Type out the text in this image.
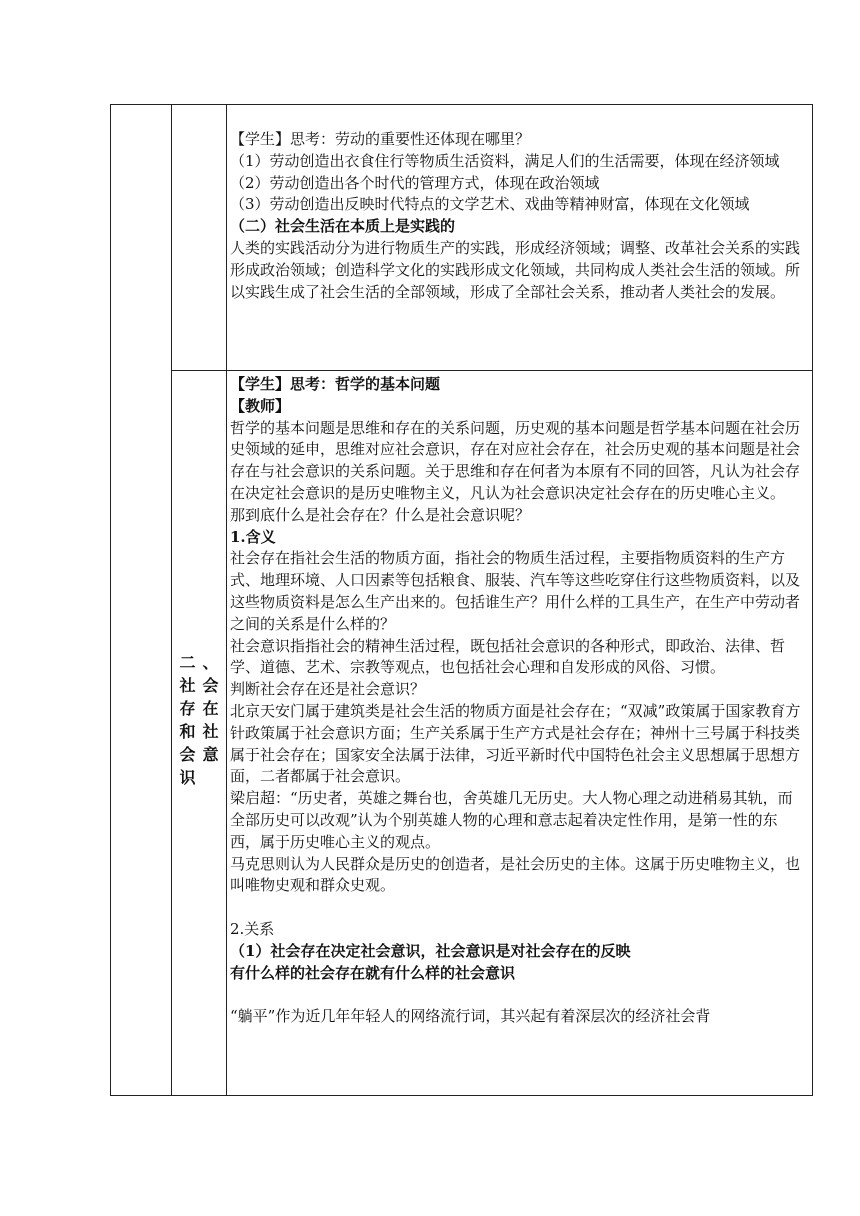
【学生】思考：劳动的重要性还体现在哪里？

（1）劳动创造出衣食住行等物质生活资料，满足人们的生活需要，体现在经济领域

（2）劳动创造出各个时代的管理方式，体现在政治领域

（3）劳动创造出反映时代特点的文学艺术、戏曲等精神财富，体现在文化领域

（二）社会生活在本质上是实践的

人类的实践活动分为进行物质生产的实践，形成经济领域；调整、改革社会关系的实践形成政治领域；创造科学文化的实践形成文化领域，共同构成人类社会生活的领域。所以实践生成了社会生活的全部领域，形成了全部社会关系，推动者人类社会的发展。

二 、
社 会
存 在
和 社
会 意
识

【学生】思考：哲学的基本问题

【教师】

哲学的基本问题是思维和存在的关系问题，历史观的基本问题是哲学基本问题在社会历史领域的延申，思维对应社会意识，存在对应社会存在，社会历史观的基本问题是社会存在与社会意识的关系问题。关于思维和存在何者为本原有不同的回答，凡认为社会存在决定社会意识的是历史唯物主义，凡认为社会意识决定社会存在的历史唯心主义。

那到底什么是社会存在？什么是社会意识呢？

1.含义

社会存在指社会生活的物质方面，指社会的物质生活过程，主要指物质资料的生产方式、地理环境、人口因素等包括粮食、服装、汽车等这些吃穿住行这些物质资料，以及这些物质资料是怎么生产出来的。包括谁生产？用什么样的工具生产，在生产中劳动者之间的关系是什么样的？

社会意识指指社会的精神生活过程，既包括社会意识的各种形式，即政治、法律、哲学、道德、艺术、宗教等观点，也包括社会心理和自发形成的风俗、习惯。

判断社会存在还是社会意识？

北京天安门属于建筑类是社会生活的物质方面是社会存在；“双减”政策属于国家教育方针政策属于社会意识方面；生产关系属于生产方式是社会存在；神州十三号属于科技类属于社会存在；国家安全法属于法律，习近平新时代中国特色社会主义思想属于思想方面，二者都属于社会意识。

梁启超：“历史者，英雄之舞台也，舍英雄几无历史。大人物心理之动进稍易其轨，而全部历史可以改观”认为个别英雄人物的心理和意志起着决定性作用，是第一性的东西，属于历史唯心主义的观点。

马克思则认为人民群众是历史的创造者，是社会历史的主体。这属于历史唯物主义，也叫唯物史观和群众史观。

2.关系

（1）社会存在决定社会意识，社会意识是对社会存在的反映

有什么样的社会存在就有什么样的社会意识

“躺平”作为近几年年轻人的网络流行词，其兴起有着深层次的经济社会背
